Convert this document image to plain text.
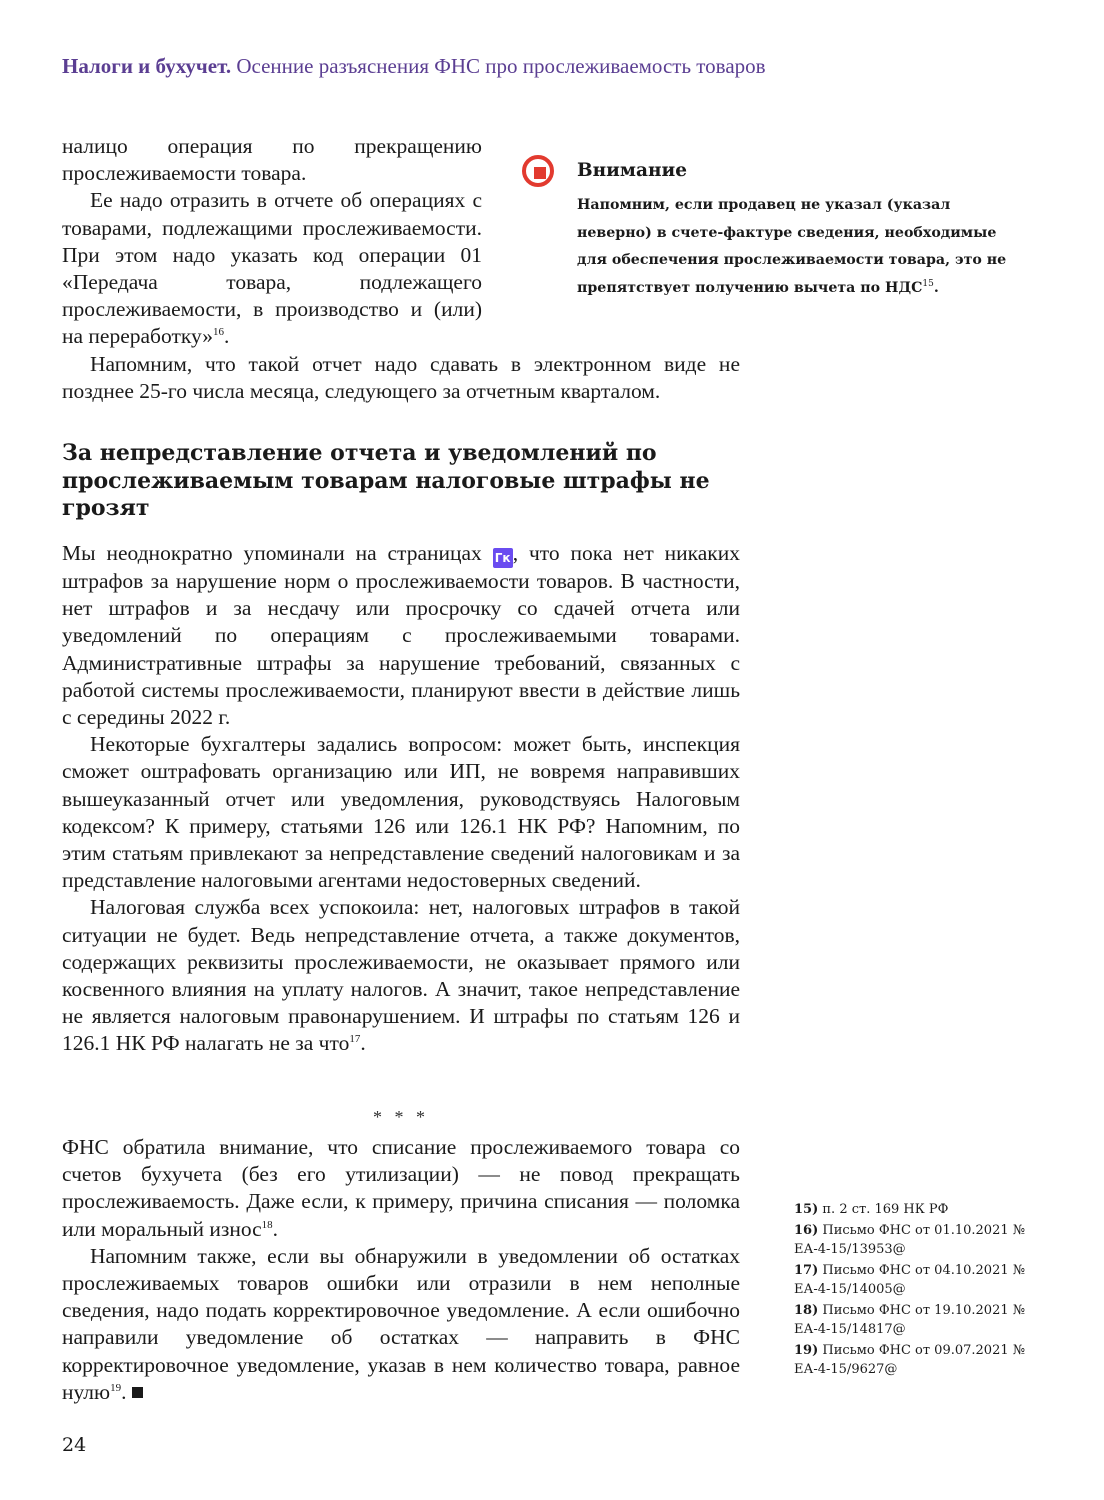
Налоги и бухучет. Осенние разъяснения ФНС про прослеживаемость товаров

налицо операция по прекращению прослеживаемости товара.

Ее надо отразить в отчете об операциях с товарами, подлежащими прослеживаемости. При этом надо указать код операции 01 «Передача товара, подлежащего прослеживаемости, в производство и (или) на переработку»$^{16}$.

Напомним, что такой отчет надо сдавать в электронном виде не позднее 25-го числа месяца, следующего за отчетным кварталом.

Внимание
Напомним, если продавец не указал (указал неверно) в счете-фактуре сведения, необходимые для обеспечения прослеживаемости товара, это не препятствует получению вычета по НДС$^{15}$.
За непредставление отчета и уведомлений по прослеживаемым товарам налоговые штрафы не грозят

Мы неоднократно упоминали на страницах Гк, что пока нет никаких штрафов за нарушение норм о прослеживаемости товаров. В частности, нет штрафов и за несдачу или просрочку со сдачей отчета или уведомлений по операциям с прослеживаемыми товарами. Административные штрафы за нарушение требований, связанных с работой системы прослеживаемости, планируют ввести в действие лишь с середины 2022 г.

Некоторые бухгалтеры задались вопросом: может быть, инспекция сможет оштрафовать организацию или ИП, не вовремя направивших вышеуказанный отчет или уведомления, руководствуясь Налоговым кодексом? К примеру, статьями 126 или 126.1 НК РФ? Напомним, по этим статьям привлекают за непредставление сведений налоговикам и за представление налоговыми агентами недостоверных сведений.

Налоговая служба всех успокоила: нет, налоговых штрафов в такой ситуации не будет. Ведь непредставление отчета, а также документов, содержащих реквизиты прослеживаемости, не оказывает прямого или косвенного влияния на уплату налогов. А значит, такое непредставление не является налоговым правонарушением. И штрафы по статьям 126 и 126.1 НК РФ налагать не за что$^{17}$.

* * *

ФНС обратила внимание, что списание прослеживаемого товара со счетов бухучета (без его утилизации) — не повод прекращать прослеживаемость. Даже если, к примеру, причина списания — поломка или моральный износ$^{18}$.

Напомним также, если вы обнаружили в уведомлении об остатках прослеживаемых товаров ошибки или отразили в нем неполные сведения, надо подать корректировочное уведомление. А если ошибочно направили уведомление об остатках — направить в ФНС корректировочное уведомление, указав в нем количество товара, равное нулю$^{19}$.

15) п. 2 ст. 169 НК РФ
16) Письмо ФНС от 01.10.2021 № ЕА-4-15/13953@
17) Письмо ФНС от 04.10.2021 № ЕА-4-15/14005@
18) Письмо ФНС от 19.10.2021 № ЕА-4-15/14817@
19) Письмо ФНС от 09.07.2021 № ЕА-4-15/9627@
24
